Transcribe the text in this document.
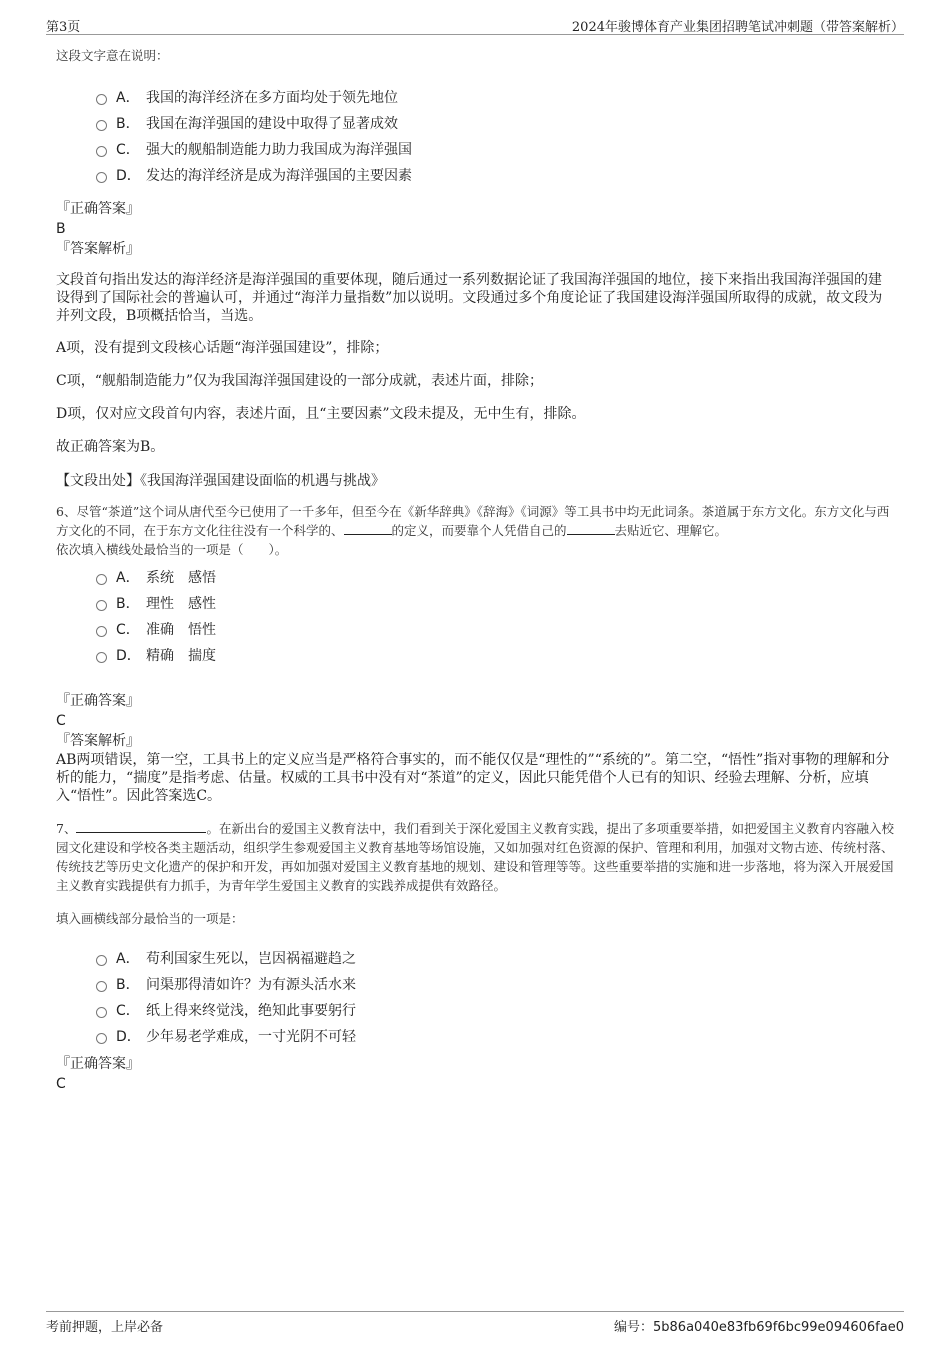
第3页	2024年骏博体育产业集团招聘笔试冲刺题（带答案解析）
这段文字意在说明：
A． 我国的海洋经济在多方面均处于领先地位
B． 我国在海洋强国的建设中取得了显著成效
C． 强大的舰船制造能力助力我国成为海洋强国
D． 发达的海洋经济是成为海洋强国的主要因素
『正确答案』
B
『答案解析』

文段首句指出发达的海洋经济是海洋强国的重要体现，随后通过一系列数据论证了我国海洋强国的地位，接下来指出我国海洋强国的建设得到了国际社会的普遍认可，并通过“海洋力量指数”加以说明。文段通过多个角度论证了我国建设海洋强国所取得的成就，故文段为并列文段，B项概括恰当，当选。

A项，没有提到文段核心话题“海洋强国建设”，排除；

C项，“舰船制造能力”仅为我国海洋强国建设的一部分成就，表述片面，排除；

D项，仅对应文段首句内容，表述片面，且“主要因素”文段未提及，无中生有，排除。

故正确答案为B。

【文段出处】《我国海洋强国建设面临的机遇与挑战》

6、尽管“茶道”这个词从唐代至今已使用了一千多年，但至今在《新华辞典》《辞海》《词源》等工具书中均无此词条。茶道属于东方文化。东方文化与西方文化的不同，在于东方文化往往没有一个科学的、	的定义，而要靠个人凭借自己的	去贴近它、理解它。
依次填入横线处最恰当的一项是（　　）。
A． 系统　感悟
B． 理性　感性
C． 准确　悟性
D． 精确　揣度
『正确答案』
C
『答案解析』

AB两项错误，第一空，工具书上的定义应当是严格符合事实的，而不能仅仅是“理性的”“系统的”。第二空，“悟性”指对事物的理解和分析的能力，“揣度”是指考虑、估量。权威的工具书中没有对“茶道”的定义，因此只能凭借个人已有的知识、经验去理解、分析，应填入“悟性”。因此答案选C。

7、	。在新出台的爱国主义教育法中，我们看到关于深化爱国主义教育实践，提出了多项重要举措，如把爱国主义教育内容融入校园文化建设和学校各类主题活动，组织学生参观爱国主义教育基地等场馆设施，又如加强对红色资源的保护、管理和利用，加强对文物古迹、传统村落、传统技艺等历史文化遗产的保护和开发，再如加强对爱国主义教育基地的规划、建设和管理等等。这些重要举措的实施和进一步落地，将为深入开展爱国主义教育实践提供有力抓手，为青年学生爱国主义教育的实践养成提供有效路径。
填入画横线部分最恰当的一项是：
A． 苟利国家生死以，岂因祸福避趋之
B． 问渠那得清如许？为有源头活水来
C． 纸上得来终觉浅，绝知此事要躬行
D． 少年易老学难成，一寸光阴不可轻
『正确答案』
C
考前押题，上岸必备	编号：5b86a040e83fb69f6bc99e094606fae0
